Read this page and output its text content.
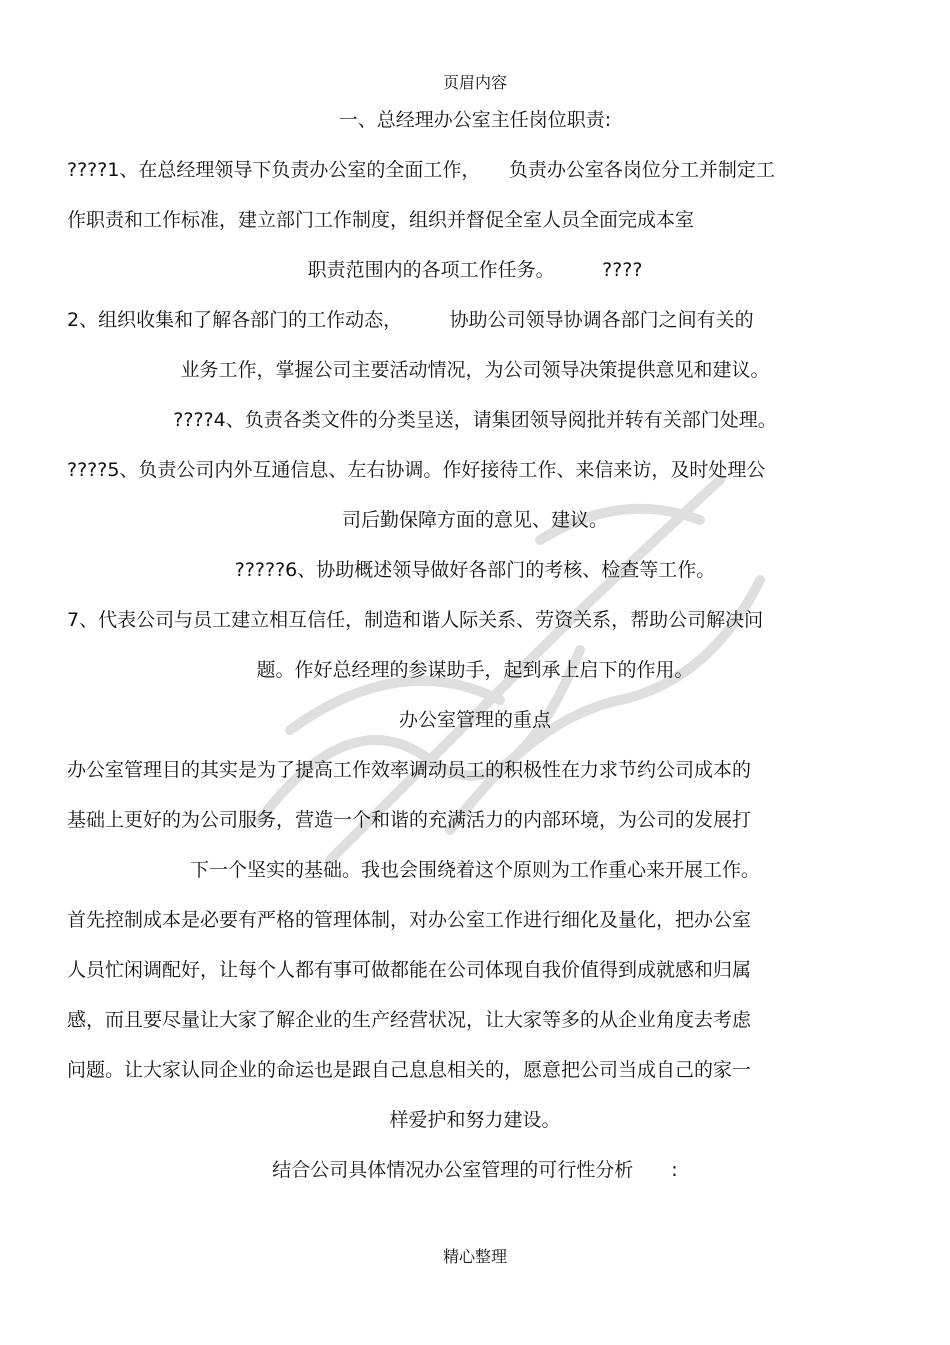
页眉内容
一、总经理办公室主任岗位职责:
????1、在总经理领导下负责办公室的全面工作，　　负责办公室各岗位分工并制定工
作职责和工作标准，建立部门工作制度，组织并督促全室人员全面完成本室
职责范围内的各项工作任务。　　　????
2、组织收集和了解各部门的工作动态，　　　协助公司领导协调各部门之间有关的
业务工作，掌握公司主要活动情况，为公司领导决策提供意见和建议。
????4、负责各类文件的分类呈送，请集团领导阅批并转有关部门处理。
????5、负责公司内外互通信息、左右协调。作好接待工作、来信来访，及时处理公
司后勤保障方面的意见、建议。
?????6、协助概述领导做好各部门的考核、检查等工作。
7、代表公司与员工建立相互信任，制造和谐人际关系、劳资关系，帮助公司解决问
题。作好总经理的参谋助手，起到承上启下的作用。
办公室管理的重点
办公室管理目的其实是为了提高工作效率调动员工的积极性在力求节约公司成本的
基础上更好的为公司服务，营造一个和谐的充满活力的内部环境，为公司的发展打
下一个坚实的基础。我也会围绕着这个原则为工作重心来开展工作。
首先控制成本是必要有严格的管理体制，对办公室工作进行细化及量化，把办公室
人员忙闲调配好，让每个人都有事可做都能在公司体现自我价值得到成就感和归属
感，而且要尽量让大家了解企业的生产经营状况，让大家等多的从企业角度去考虑
问题。让大家认同企业的命运也是跟自己息息相关的，愿意把公司当成自己的家一
样爱护和努力建设。
结合公司具体情况办公室管理的可行性分析　　:
精心整理
